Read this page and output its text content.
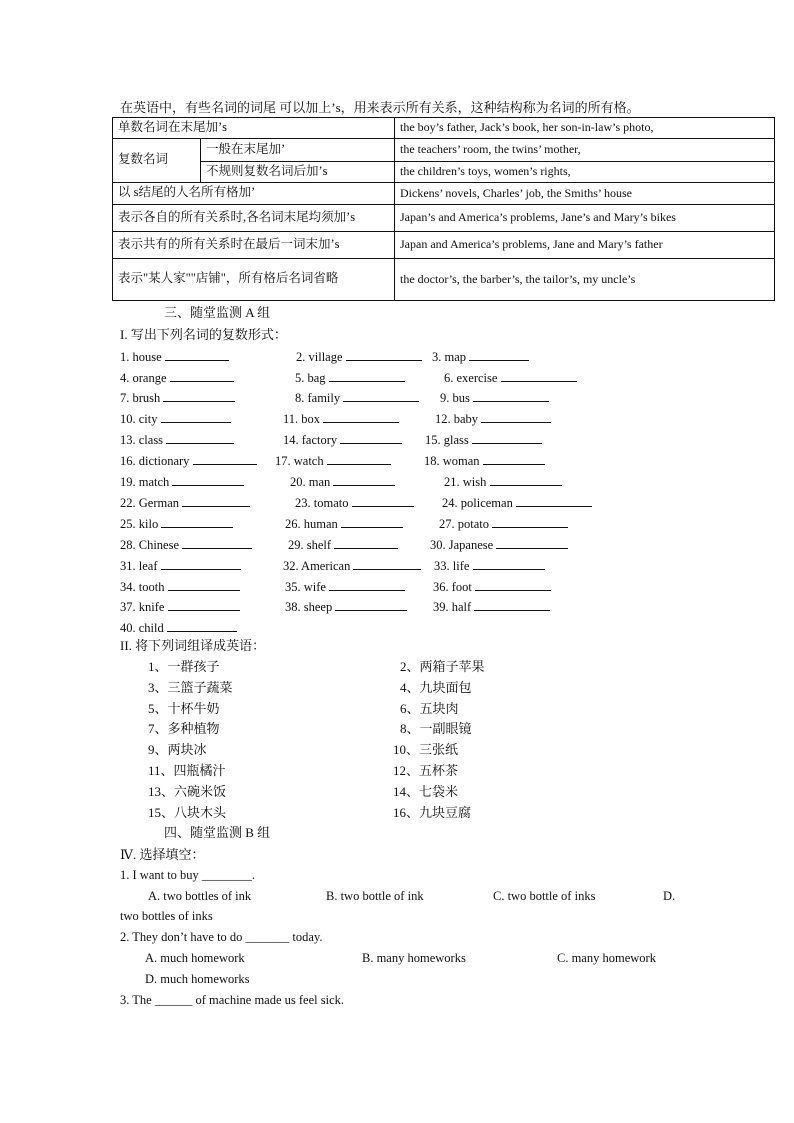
在英语中，有些名词的词尾 可以加上’s，用来表示所有关系，这种结构称为名词的所有格。
单数名词在末尾加’s		the boy’s father, Jack’s book, her son-in-law’s photo,
复数名词	一般在末尾加’	the teachers’ room, the twins’ mother,
	不规则复数名词后加’s	the children’s toys, women’s rights,
以 s结尾的人名所有格加’		Dickens’ novels, Charles’ job, the Smiths’ house
表示各自的所有关系时,各名词末尾均须加’s		Japan’s and America’s problems, Jane’s and Mary’s bikes
表示共有的所有关系时在最后一词末加’s		Japan and America’s problems, Jane and Mary’s father
表示"某人家""店铺"，所有格后名词省略		the doctor’s, the barber’s, the tailor’s, my uncle’s
三、随堂监测 A 组
I. 写出下列名词的复数形式：
1. house	2. village	3. map
4. orange	5. bag	6. exercise
7. brush	8. family	9. bus
10. city	11. box	12. baby
13. class	14. factory	15. glass
16. dictionary	17. watch	18. woman
19. match	20. man	21. wish
22. German	23. tomato	24. policeman
25. kilo	26. human	27. potato
28. Chinese	29. shelf	30. Japanese
31. leaf	32. American	33. life
34. tooth	35. wife	36. foot
37. knife	38. sheep	39. half
40. child
II. 将下列词组译成英语：
1、一群孩子	2、两箱子苹果
3、三篮子蔬菜	4、九块面包
5、十杯牛奶	6、五块肉
7、多种植物	8、一副眼镜
9、两块冰	10、三张纸
11、四瓶橘汁	12、五杯茶
13、六碗米饭	14、七袋米
15、八块木头	16、九块豆腐
四、随堂监测 B 组
Ⅳ. 选择填空：
1. I want to buy ________.
A. two bottles of ink	B. two bottle of ink	C. two bottle of inks	D.
two bottles of inks
2. They don’t have to do _______ today.
A. much homework	B. many homeworks	C. many homework
D. much homeworks
3. The ______ of machine made us feel sick.
